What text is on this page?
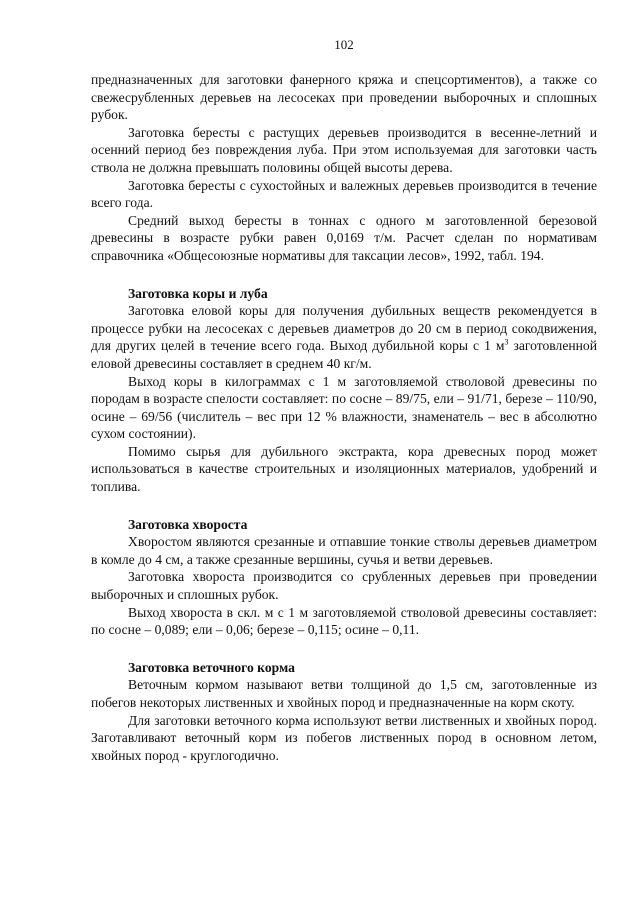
102

предназначенных для заготовки фанерного кряжа и спецсортиментов), а также со свежесрубленных деревьев на лесосеках при проведении выборочных и сплошных рубок.

Заготовка бересты с растущих деревьев производится в весенне-летний и осенний период без повреждения луба. При этом используемая для заготовки часть ствола не должна превышать половины общей высоты дерева.

Заготовка бересты с сухостойных и валежных деревьев производится в течение всего года.

Средний выход бересты в тоннах с одного м заготовленной березовой древесины в возрасте рубки равен 0,0169 т/м. Расчет сделан по нормативам справочника «Общесоюзные нормативы для таксации лесов», 1992, табл. 194.

Заготовка коры и луба

Заготовка еловой коры для получения дубильных веществ рекомендуется в процессе рубки на лесосеках с деревьев диаметров до 20 см в период сокодвижения, для других целей в течение всего года. Выход дубильной коры с 1 $м^3$ заготовленной еловой древесины составляет в среднем 40 кг/м.

Выход коры в килограммах с 1 м заготовляемой стволовой древесины по породам в возрасте спелости составляет: по сосне – 89/75, ели – 91/71, березе – 110/90, осине – 69/56 (числитель – вес при 12 % влажности, знаменатель – вес в абсолютно сухом состоянии).

Помимо сырья для дубильного экстракта, кора древесных пород может использоваться в качестве строительных и изоляционных материалов, удобрений и топлива.

Заготовка хвороста

Хворостом являются срезанные и отпавшие тонкие стволы деревьев диаметром в комле до 4 см, а также срезанные вершины, сучья и ветви деревьев.

Заготовка хвороста производится со срубленных деревьев при проведении выборочных и сплошных рубок.

Выход хвороста в скл. м с 1 м заготовляемой стволовой древесины составляет: по сосне – 0,089; ели – 0,06; березе – 0,115; осине – 0,11.

Заготовка веточного корма

Веточным кормом называют ветви толщиной до 1,5 см, заготовленные из побегов некоторых лиственных и хвойных пород и предназначенные на корм скоту.

Для заготовки веточного корма используют ветви лиственных и хвойных пород. Заготавливают веточный корм из побегов лиственных пород в основном летом, хвойных пород - круглогодично.
